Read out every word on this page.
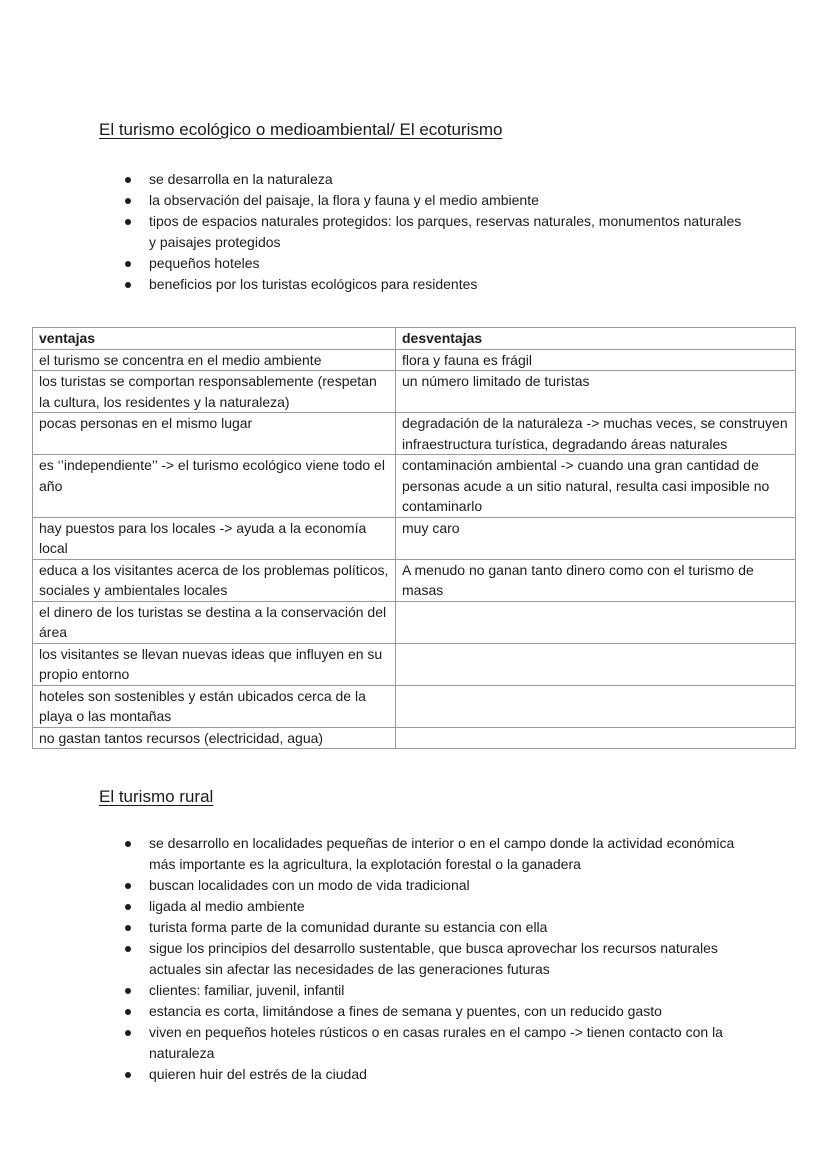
El turismo ecológico o medioambiental/ El ecoturismo
se desarrolla en la naturaleza
la observación del paisaje, la flora y fauna y el medio ambiente
tipos de espacios naturales protegidos: los parques, reservas naturales, monumentos naturales y paisajes protegidos
pequeños hoteles
beneficios por los turistas ecológicos para residentes
ventajas	desventajas
el turismo se concentra en el medio ambiente	flora y fauna es frágil
los turistas se comportan responsablemente (respetan la cultura, los residentes y la naturaleza)	un número limitado de turistas
pocas personas en el mismo lugar	degradación de la naturaleza -> muchas veces, se construyen infraestructura turística, degradando áreas naturales
es ‘’independiente’’ -> el turismo ecológico viene todo el año	contaminación ambiental -> cuando una gran cantidad de personas acude a un sitio natural, resulta casi imposible no contaminarlo
hay puestos para los locales -> ayuda a la economía local	muy caro
educa a los visitantes acerca de los problemas políticos, sociales y ambientales locales	A menudo no ganan tanto dinero como con el turismo de masas
el dinero de los turistas se destina a la conservación del área	
los visitantes se llevan nuevas ideas que influyen en su propio entorno	
hoteles son sostenibles y están ubicados cerca de la playa o las montañas	
no gastan tantos recursos (electricidad, agua)	
El turismo rural
se desarrollo en localidades pequeñas de interior o en el campo donde la actividad económica más importante es la agricultura, la explotación forestal o la ganadera
buscan localidades con un modo de vida tradicional
ligada al medio ambiente
turista forma parte de la comunidad durante su estancia con ella
sigue los principios del desarrollo sustentable, que busca aprovechar los recursos naturales actuales sin afectar las necesidades de las generaciones futuras
clientes: familiar, juvenil, infantil
estancia es corta, limitándose a fines de semana y puentes, con un reducido gasto
viven en pequeños hoteles rústicos o en casas rurales en el campo -> tienen contacto con la naturaleza
quieren huir del estrés de la ciudad
